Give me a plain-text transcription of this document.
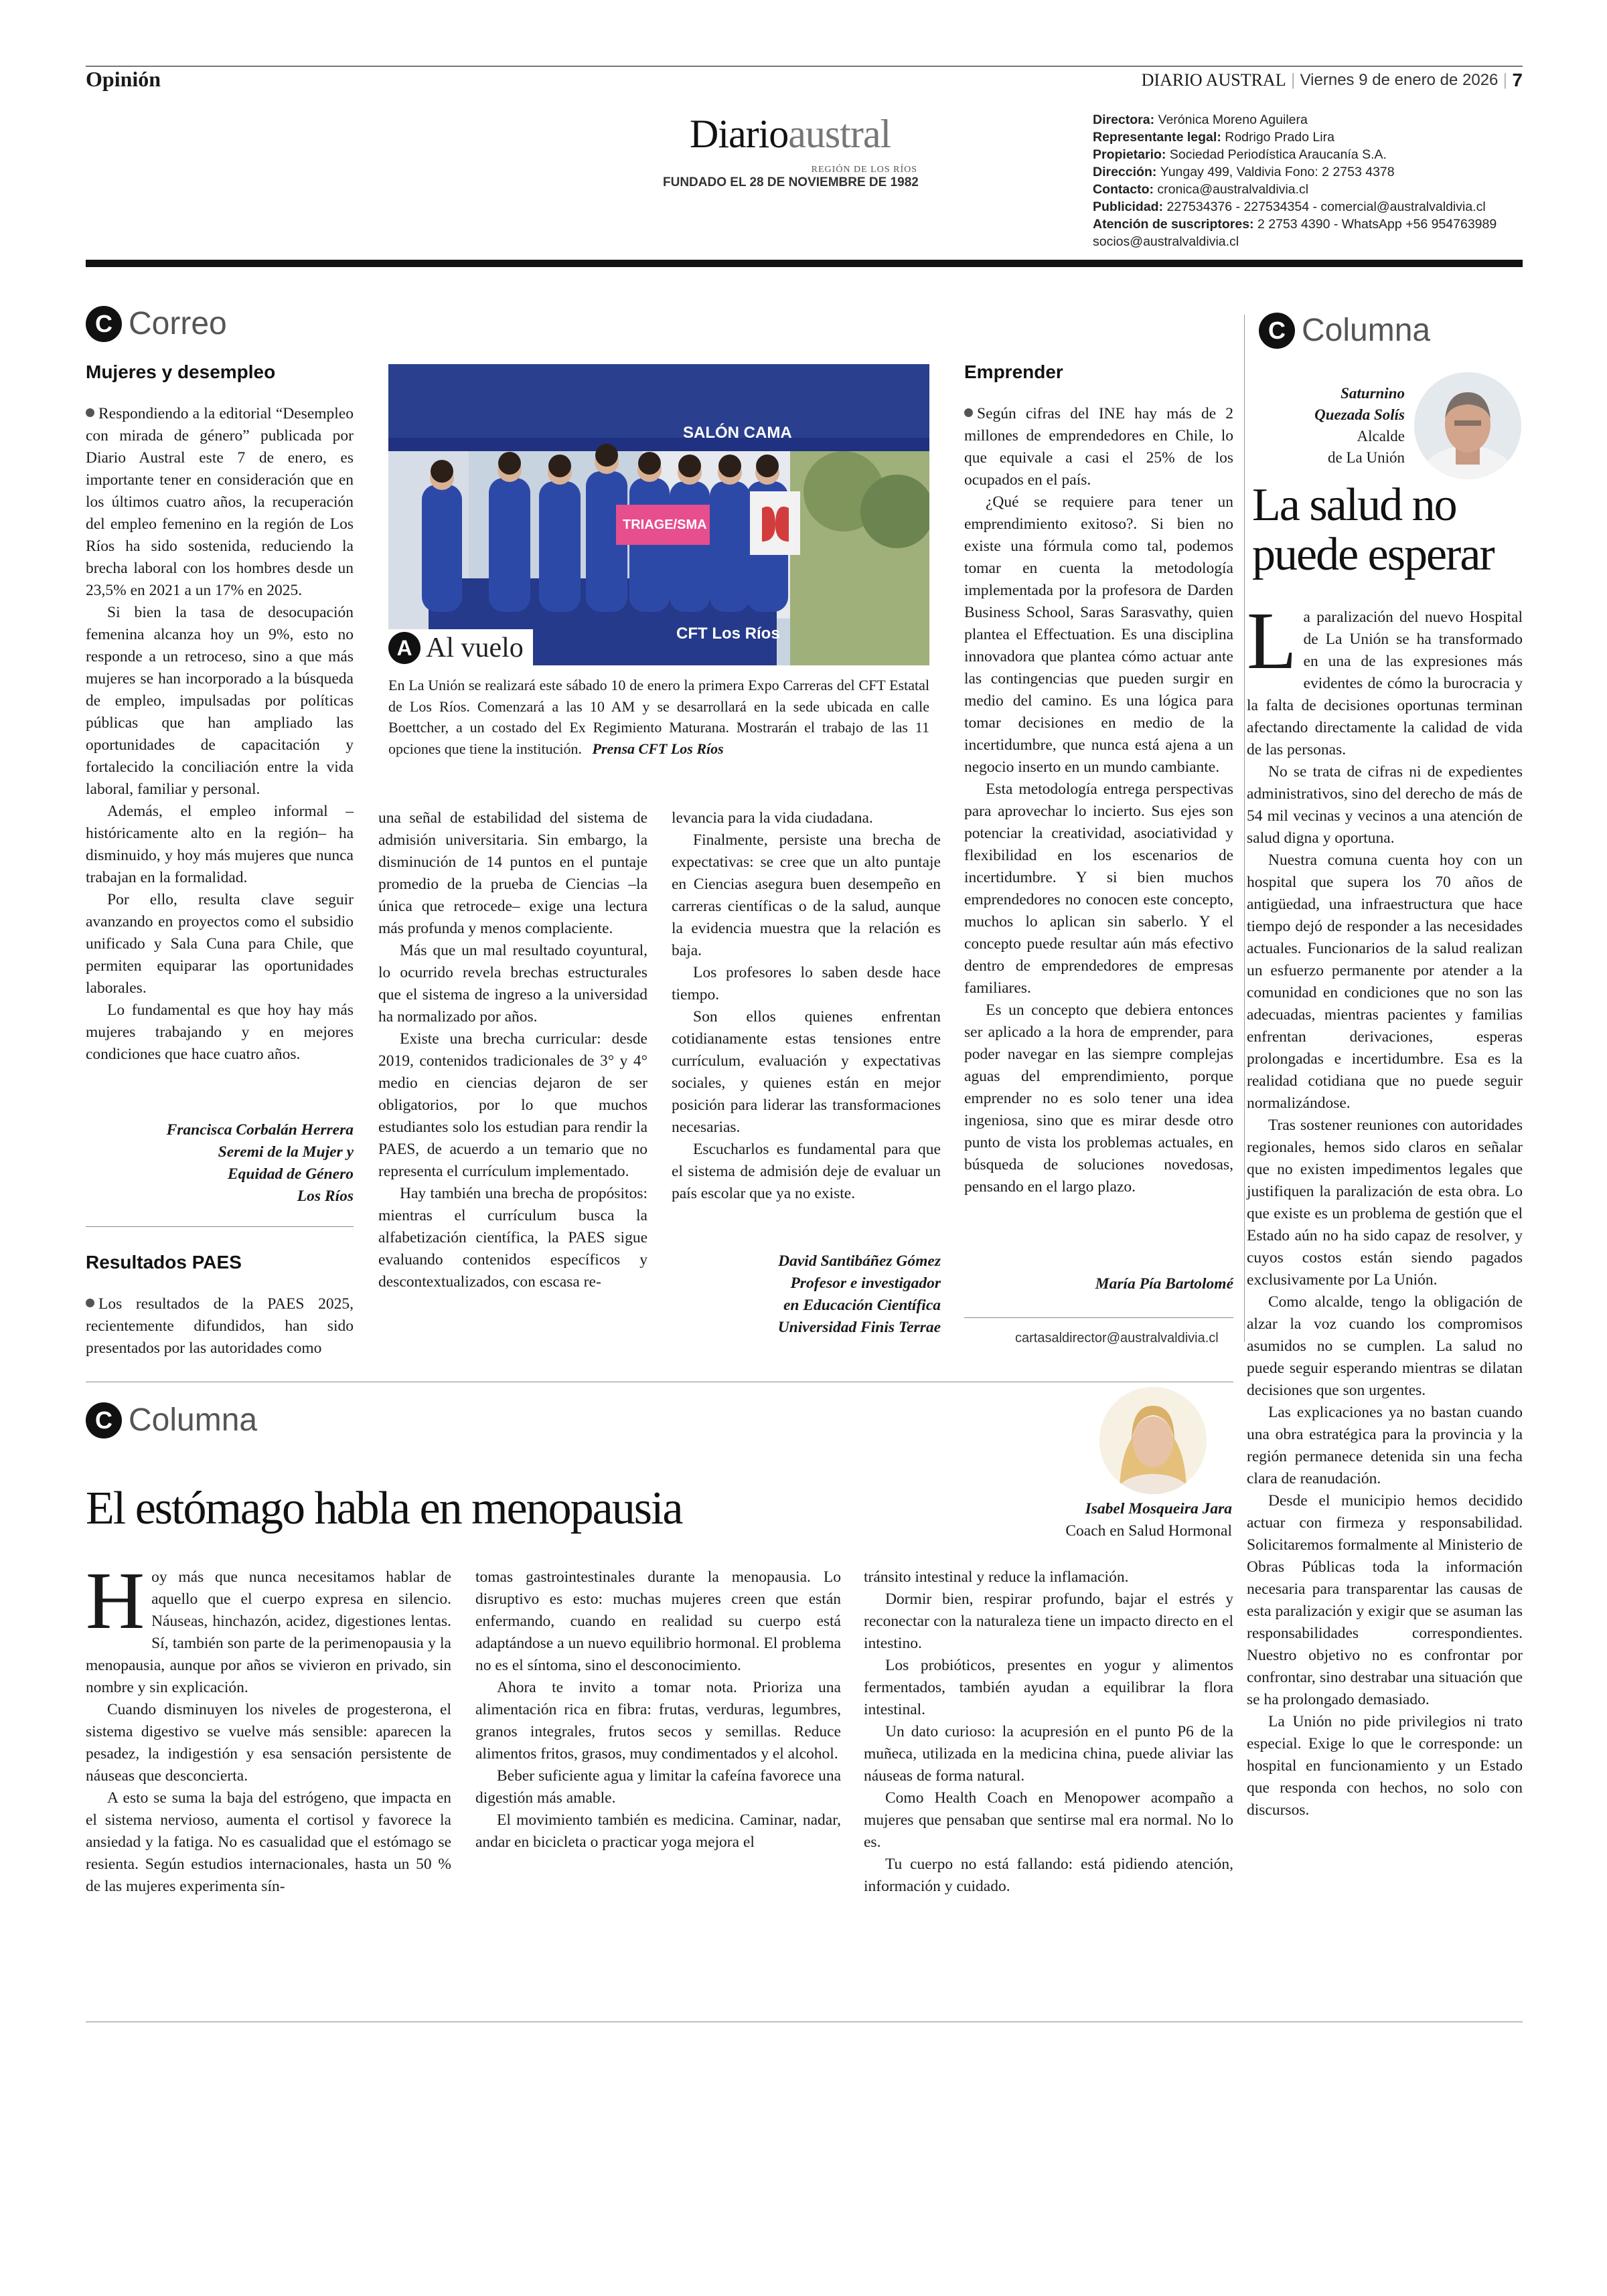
Opinión	DIARIO AUSTRAL | Viernes 9 de enero de 2026 | 7
Diarioaustral
REGIÓN DE LOS RÍOS
FUNDADO EL 28 DE NOVIEMBRE DE 1982
Directora: Verónica Moreno Aguilera
Representante legal: Rodrigo Prado Lira
Propietario: Sociedad Periodística Araucanía S.A.
Dirección: Yungay 499, Valdivia Fono: 2 2753 4378
Contacto: cronica@australvaldivia.cl
Publicidad: 227534376 - 227534354 - comercial@australvaldivia.cl
Atención de suscriptores: 2 2753 4390 - WhatsApp +56 954763989
socios@australvaldivia.cl
C Correo
Mujeres y desempleo

Respondiendo a la editorial “Desempleo con mirada de género” publicada por Diario Austral este 7 de enero, es importante tener en consideración que en los últimos cuatro años, la recuperación del empleo femenino en la región de Los Ríos ha sido sostenida, reduciendo la brecha laboral con los hombres desde un 23,5% en 2021 a un 17% en 2025.

Si bien la tasa de desocupación femenina alcanza hoy un 9%, esto no responde a un retroceso, sino a que más mujeres se han incorporado a la búsqueda de empleo, impulsadas por políticas públicas que han ampliado las oportunidades de capacitación y fortalecido la conciliación entre la vida laboral, familiar y personal.

Además, el empleo informal –históricamente alto en la región– ha disminuido, y hoy más mujeres que nunca trabajan en la formalidad.

Por ello, resulta clave seguir avanzando en proyectos como el subsidio unificado y Sala Cuna para Chile, que permiten equiparar las oportunidades laborales.

Lo fundamental es que hoy hay más mujeres trabajando y en mejores condiciones que hace cuatro años.

Francisca Corbalán Herrera
Seremi de la Mujer y
Equidad de Género
Los Ríos
Resultados PAES

Los resultados de la PAES 2025, recientemente difundidos, han sido presentados por las autoridades como

una señal de estabilidad del sistema de admisión universitaria. Sin embargo, la disminución de 14 puntos en el puntaje promedio de la prueba de Ciencias –la única que retrocede– exige una lectura más profunda y menos complaciente.

Más que un mal resultado coyuntural, lo ocurrido revela brechas estructurales que el sistema de ingreso a la universidad ha normalizado por años.

Existe una brecha curricular: desde 2019, contenidos tradicionales de 3° y 4° medio en ciencias dejaron de ser obligatorios, por lo que muchos estudiantes solo los estudian para rendir la PAES, de acuerdo a un temario que no representa el currículum implementado.

Hay también una brecha de propósitos: mientras el currículum busca la alfabetización científica, la PAES sigue evaluando contenidos específicos y descontextualizados, con escasa re-

levancia para la vida ciudadana.

Finalmente, persiste una brecha de expectativas: se cree que un alto puntaje en Ciencias asegura buen desempeño en carreras científicas o de la salud, aunque la evidencia muestra que la relación es baja.

Los profesores lo saben desde hace tiempo.

Son ellos quienes enfrentan cotidianamente estas tensiones entre currículum, evaluación y expectativas sociales, y quienes están en mejor posición para liderar las transformaciones necesarias.

Escucharlos es fundamental para que el sistema de admisión deje de evaluar un país escolar que ya no existe.

David Santibáñez Gómez
Profesor e investigador
en Educación Científica
Universidad Finis Terrae
Emprender

Según cifras del INE hay más de 2 millones de emprendedores en Chile, lo que equivale a casi el 25% de los ocupados en el país.

¿Qué se requiere para tener un emprendimiento exitoso?. Si bien no existe una fórmula como tal, podemos tomar en cuenta la metodología implementada por la profesora de Darden Business School, Saras Sarasvathy, quien plantea el Effectuation. Es una disciplina innovadora que plantea cómo actuar ante las contingencias que pueden surgir en medio del camino. Es una lógica para tomar decisiones en medio de la incertidumbre, que nunca está ajena a un negocio inserto en un mundo cambiante.

Esta metodología entrega perspectivas para aprovechar lo incierto. Sus ejes son potenciar la creatividad, asociatividad y flexibilidad en los escenarios de incertidumbre. Y si bien muchos emprendedores no conocen este concepto, muchos lo aplican sin saberlo. Y el concepto puede resultar aún más efectivo dentro de emprendedores de empresas familiares.

Es un concepto que debiera entonces ser aplicado a la hora de emprender, para poder navegar en las siempre complejas aguas del emprendimiento, porque emprender no es solo tener una idea ingeniosa, sino que es mirar desde otro punto de vista los problemas actuales, en búsqueda de soluciones novedosas, pensando en el largo plazo.

María Pía Bartolomé
cartasaldirector@australvaldivia.cl
SALÓN CAMA
TRIAGE/SMA
CFT Los Ríos
A Al vuelo
En La Unión se realizará este sábado 10 de enero la primera Expo Carreras del CFT Estatal de Los Ríos. Comenzará a las 10 AM y se desarrollará en la sede ubicada en calle Boettcher, a un costado del Ex Regimiento Maturana. Mostrarán el trabajo de las 11 opciones que tiene la institución. Prensa CFT Los Ríos
C Columna
Saturnino
Quezada Solís
Alcalde
de La Unión
La salud no puede esperar

La paralización del nuevo Hospital de La Unión se ha transformado en una de las expresiones más evidentes de cómo la burocracia y la falta de decisiones oportunas terminan afectando directamente la calidad de vida de las personas.

No se trata de cifras ni de expedientes administrativos, sino del derecho de más de 54 mil vecinas y vecinos a una atención de salud digna y oportuna.

Nuestra comuna cuenta hoy con un hospital que supera los 70 años de antigüedad, una infraestructura que hace tiempo dejó de responder a las necesidades actuales. Funcionarios de la salud realizan un esfuerzo permanente por atender a la comunidad en condiciones que no son las adecuadas, mientras pacientes y familias enfrentan derivaciones, esperas prolongadas e incertidumbre. Esa es la realidad cotidiana que no puede seguir normalizándose.

Tras sostener reuniones con autoridades regionales, hemos sido claros en señalar que no existen impedimentos legales que justifiquen la paralización de esta obra. Lo que existe es un problema de gestión que el Estado aún no ha sido capaz de resolver, y cuyos costos están siendo pagados exclusivamente por La Unión.

Como alcalde, tengo la obligación de alzar la voz cuando los compromisos asumidos no se cumplen. La salud no puede seguir esperando mientras se dilatan decisiones que son urgentes.

Las explicaciones ya no bastan cuando una obra estratégica para la provincia y la región permanece detenida sin una fecha clara de reanudación.

Desde el municipio hemos decidido actuar con firmeza y responsabilidad. Solicitaremos formalmente al Ministerio de Obras Públicas toda la información necesaria para transparentar las causas de esta paralización y exigir que se asuman las responsabilidades correspondientes. Nuestro objetivo no es confrontar por confrontar, sino destrabar una situación que se ha prolongado demasiado.

La Unión no pide privilegios ni trato especial. Exige lo que le corresponde: un hospital en funcionamiento y un Estado que responda con hechos, no solo con discursos.

C Columna
El estómago habla en menopausia	Isabel Mosqueira Jara
Coach en Salud Hormonal

Hoy más que nunca necesitamos hablar de aquello que el cuerpo expresa en silencio. Náuseas, hinchazón, acidez, digestiones lentas. Sí, también son parte de la perimenopausia y la menopausia, aunque por años se vivieron en privado, sin nombre y sin explicación.

Cuando disminuyen los niveles de progesterona, el sistema digestivo se vuelve más sensible: aparecen la pesadez, la indigestión y esa sensación persistente de náuseas que desconcierta.

A esto se suma la baja del estrógeno, que impacta en el sistema nervioso, aumenta el cortisol y favorece la ansiedad y la fatiga. No es casualidad que el estómago se resienta. Según estudios internacionales, hasta un 50 % de las mujeres experimenta sín-

tomas gastrointestinales durante la menopausia. Lo disruptivo es esto: muchas mujeres creen que están enfermando, cuando en realidad su cuerpo está adaptándose a un nuevo equilibrio hormonal. El problema no es el síntoma, sino el desconocimiento.

Ahora te invito a tomar nota. Prioriza una alimentación rica en fibra: frutas, verduras, legumbres, granos integrales, frutos secos y semillas. Reduce alimentos fritos, grasos, muy condimentados y el alcohol.

Beber suficiente agua y limitar la cafeína favorece una digestión más amable.

El movimiento también es medicina. Caminar, nadar, andar en bicicleta o practicar yoga mejora el

tránsito intestinal y reduce la inflamación.

Dormir bien, respirar profundo, bajar el estrés y reconectar con la naturaleza tiene un impacto directo en el intestino.

Los probióticos, presentes en yogur y alimentos fermentados, también ayudan a equilibrar la flora intestinal.

Un dato curioso: la acupresión en el punto P6 de la muñeca, utilizada en la medicina china, puede aliviar las náuseas de forma natural.

Como Health Coach en Menopower acompaño a mujeres que pensaban que sentirse mal era normal. No lo es.

Tu cuerpo no está fallando: está pidiendo atención, información y cuidado.
